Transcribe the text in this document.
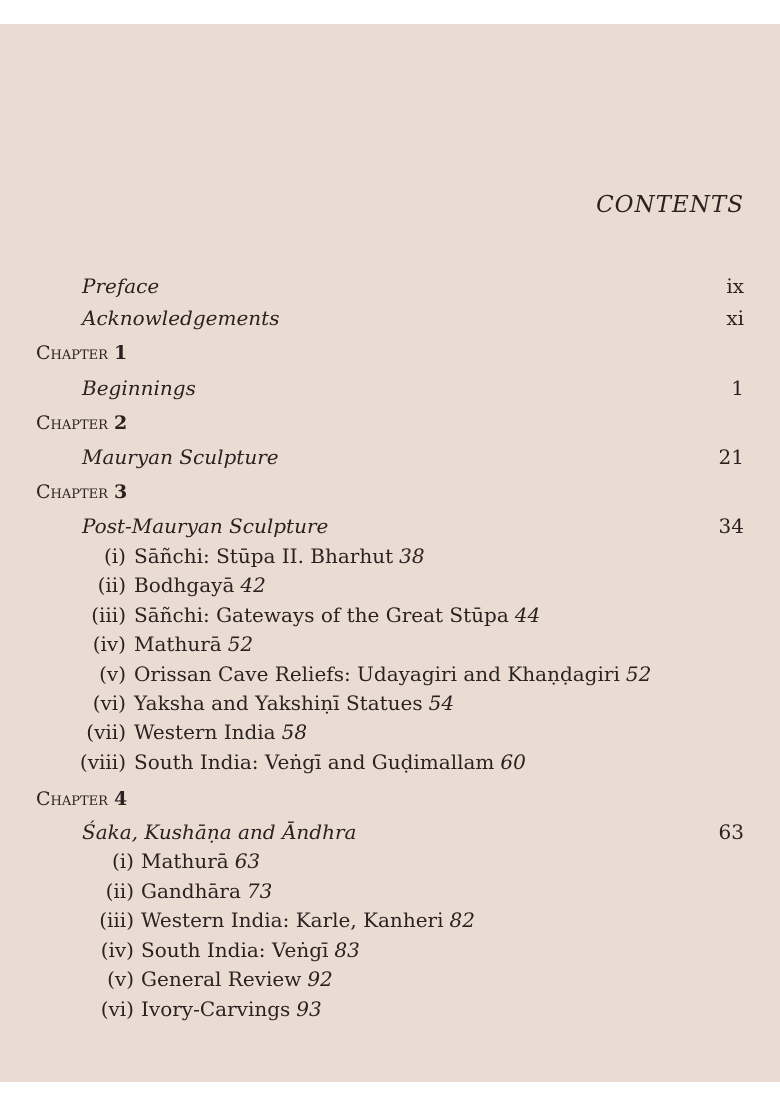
CONTENTS
Preface	ix
Acknowledgements	xi
Chapter 1
Beginnings	1
Chapter 2
Mauryan Sculpture	21
Chapter 3
Post-Mauryan Sculpture	34
(i) Sāñchi: Stūpa II. Bharhut 38
(ii) Bodhgayā 42
(iii) Sāñchi: Gateways of the Great Stūpa 44
(iv) Mathurā 52
(v) Orissan Cave Reliefs: Udayagiri and Khaṇḍagiri 52
(vi) Yaksha and Yakshiṇī Statues 54
(vii) Western India 58
(viii) South India: Veṅgī and Guḍimallam 60
Chapter 4
Śaka, Kushāṇa and Āndhra	63
(i) Mathurā 63
(ii) Gandhāra 73
(iii) Western India: Karle, Kanheri 82
(iv) South India: Veṅgī 83
(v) General Review 92
(vi) Ivory-Carvings 93
